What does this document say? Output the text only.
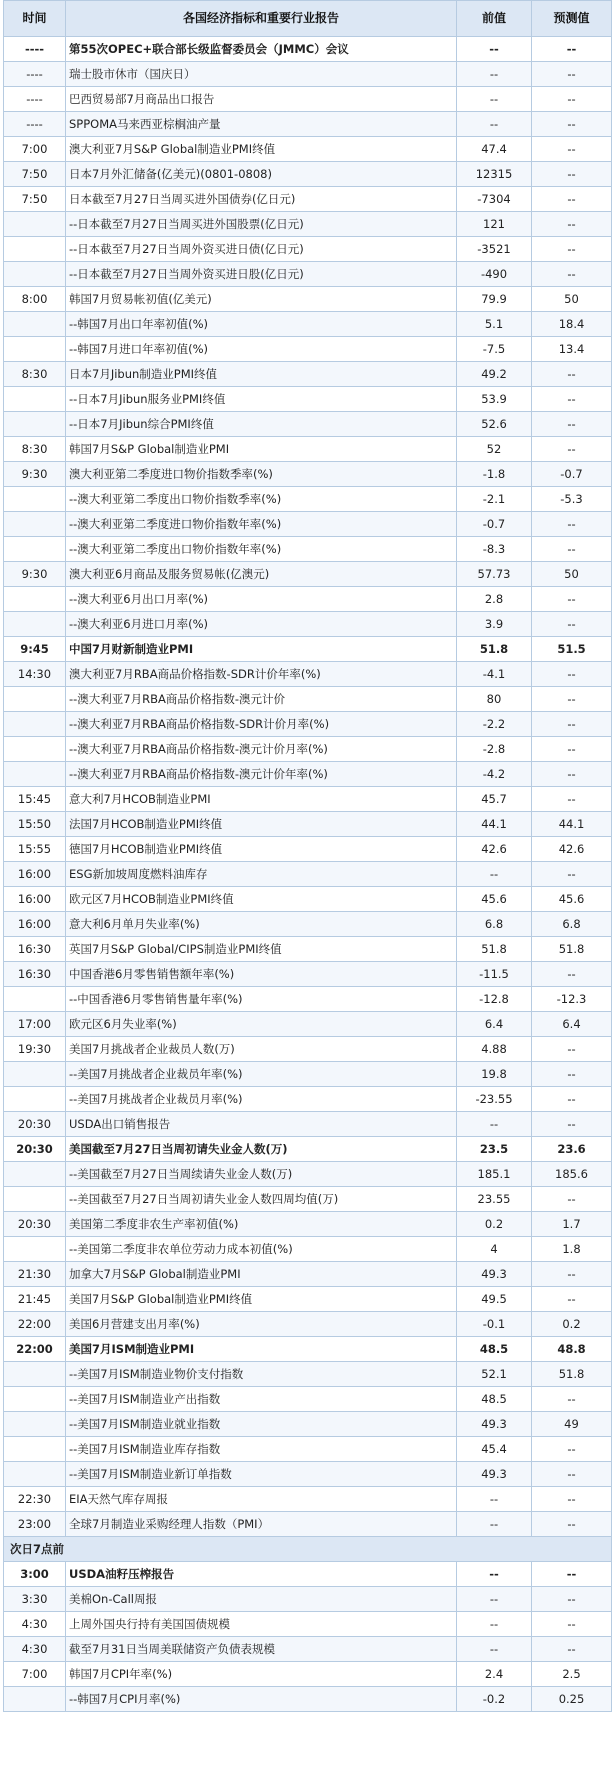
时间	各国经济指标和重要行业报告	前值	预测值
----	第55次OPEC+联合部长级监督委员会（JMMC）会议	--	--
----	瑞士股市休市（国庆日）	--	--
----	巴西贸易部7月商品出口报告	--	--
----	SPPOMA马来西亚棕榈油产量	--	--
7:00	澳大利亚7月S&P Global制造业PMI终值	47.4	--
7:50	日本7月外汇储备(亿美元)(0801-0808)	12315	--
7:50	日本截至7月27日当周买进外国债券(亿日元)	-7304	--
	--日本截至7月27日当周买进外国股票(亿日元)	121	--
	--日本截至7月27日当周外资买进日债(亿日元)	-3521	--
	--日本截至7月27日当周外资买进日股(亿日元)	-490	--
8:00	韩国7月贸易帐初值(亿美元)	79.9	50
	--韩国7月出口年率初值(%)	5.1	18.4
	--韩国7月进口年率初值(%)	-7.5	13.4
8:30	日本7月Jibun制造业PMI终值	49.2	--
	--日本7月Jibun服务业PMI终值	53.9	--
	--日本7月Jibun综合PMI终值	52.6	--
8:30	韩国7月S&P Global制造业PMI	52	--
9:30	澳大利亚第二季度进口物价指数季率(%)	-1.8	-0.7
	--澳大利亚第二季度出口物价指数季率(%)	-2.1	-5.3
	--澳大利亚第二季度进口物价指数年率(%)	-0.7	--
	--澳大利亚第二季度出口物价指数年率(%)	-8.3	--
9:30	澳大利亚6月商品及服务贸易帐(亿澳元)	57.73	50
	--澳大利亚6月出口月率(%)	2.8	--
	--澳大利亚6月进口月率(%)	3.9	--
9:45	中国7月财新制造业PMI	51.8	51.5
14:30	澳大利亚7月RBA商品价格指数-SDR计价年率(%)	-4.1	--
	--澳大利亚7月RBA商品价格指数-澳元计价	80	--
	--澳大利亚7月RBA商品价格指数-SDR计价月率(%)	-2.2	--
	--澳大利亚7月RBA商品价格指数-澳元计价月率(%)	-2.8	--
	--澳大利亚7月RBA商品价格指数-澳元计价年率(%)	-4.2	--
15:45	意大利7月HCOB制造业PMI	45.7	--
15:50	法国7月HCOB制造业PMI终值	44.1	44.1
15:55	德国7月HCOB制造业PMI终值	42.6	42.6
16:00	ESG新加坡周度燃料油库存	--	--
16:00	欧元区7月HCOB制造业PMI终值	45.6	45.6
16:00	意大利6月单月失业率(%)	6.8	6.8
16:30	英国7月S&P Global/CIPS制造业PMI终值	51.8	51.8
16:30	中国香港6月零售销售额年率(%)	-11.5	--
	--中国香港6月零售销售量年率(%)	-12.8	-12.3
17:00	欧元区6月失业率(%)	6.4	6.4
19:30	美国7月挑战者企业裁员人数(万)	4.88	--
	--美国7月挑战者企业裁员年率(%)	19.8	--
	--美国7月挑战者企业裁员月率(%)	-23.55	--
20:30	USDA出口销售报告	--	--
20:30	美国截至7月27日当周初请失业金人数(万)	23.5	23.6
	--美国截至7月27日当周续请失业金人数(万)	185.1	185.6
	--美国截至7月27日当周初请失业金人数四周均值(万)	23.55	--
20:30	美国第二季度非农生产率初值(%)	0.2	1.7
	--美国第二季度非农单位劳动力成本初值(%)	4	1.8
21:30	加拿大7月S&P Global制造业PMI	49.3	--
21:45	美国7月S&P Global制造业PMI终值	49.5	--
22:00	美国6月营建支出月率(%)	-0.1	0.2
22:00	美国7月ISM制造业PMI	48.5	48.8
	--美国7月ISM制造业物价支付指数	52.1	51.8
	--美国7月ISM制造业产出指数	48.5	--
	--美国7月ISM制造业就业指数	49.3	49
	--美国7月ISM制造业库存指数	45.4	--
	--美国7月ISM制造业新订单指数	49.3	--
22:30	EIA天然气库存周报	--	--
23:00	全球7月制造业采购经理人指数（PMI）	--	--
次日7点前			
3:00	USDA油籽压榨报告	--	--
3:30	美棉On-Call周报	--	--
4:30	上周外国央行持有美国国债规模	--	--
4:30	截至7月31日当周美联储资产负债表规模	--	--
7:00	韩国7月CPI年率(%)	2.4	2.5
	--韩国7月CPI月率(%)	-0.2	0.25
